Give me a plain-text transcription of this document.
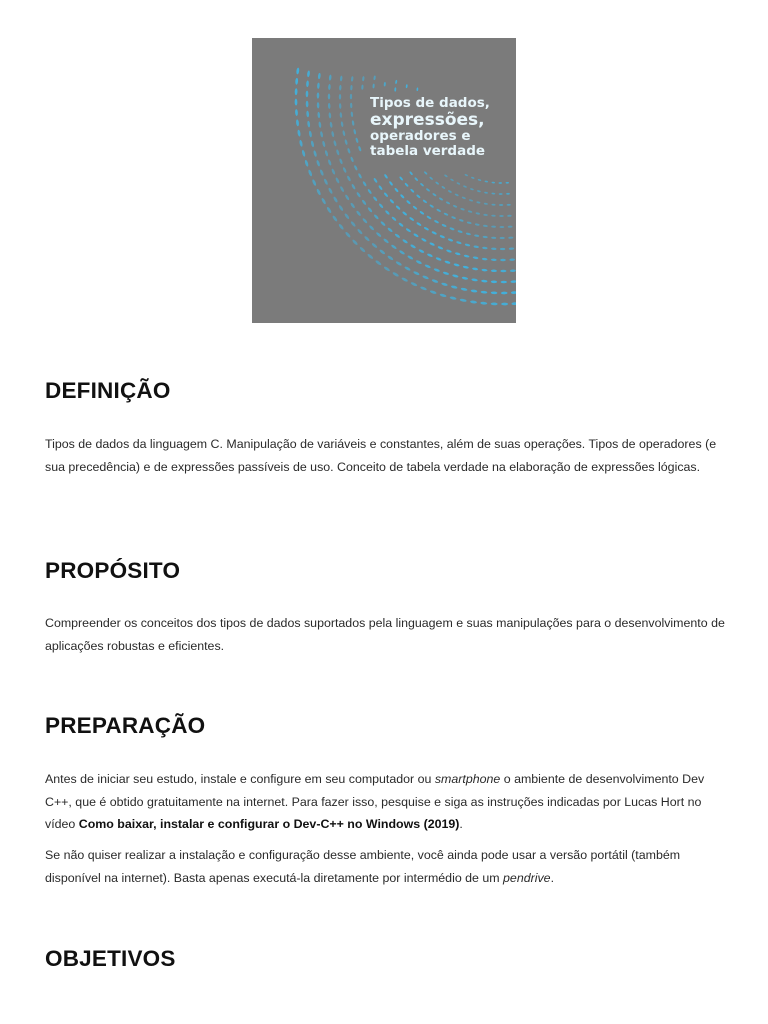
Tipos de dados,
expressões,
operadores e
tabela verdade
DEFINIÇÃO

Tipos de dados da linguagem C. Manipulação de variáveis e constantes, além de suas operações. Tipos de operadores (e sua precedência) e de expressões passíveis de uso. Conceito de tabela verdade na elaboração de expressões lógicas.

PROPÓSITO

Compreender os conceitos dos tipos de dados suportados pela linguagem e suas manipulações para o desenvolvimento de aplicações robustas e eficientes.

PREPARAÇÃO

Antes de iniciar seu estudo, instale e configure em seu computador ou smartphone o ambiente de desenvolvimento Dev C++, que é obtido gratuitamente na internet. Para fazer isso, pesquise e siga as instruções indicadas por Lucas Hort no vídeo Como baixar, instalar e configurar o Dev-C++ no Windows (2019).

Se não quiser realizar a instalação e configuração desse ambiente, você ainda pode usar a versão portátil (também disponível na internet). Basta apenas executá-la diretamente por intermédio de um pendrive.

OBJETIVOS
